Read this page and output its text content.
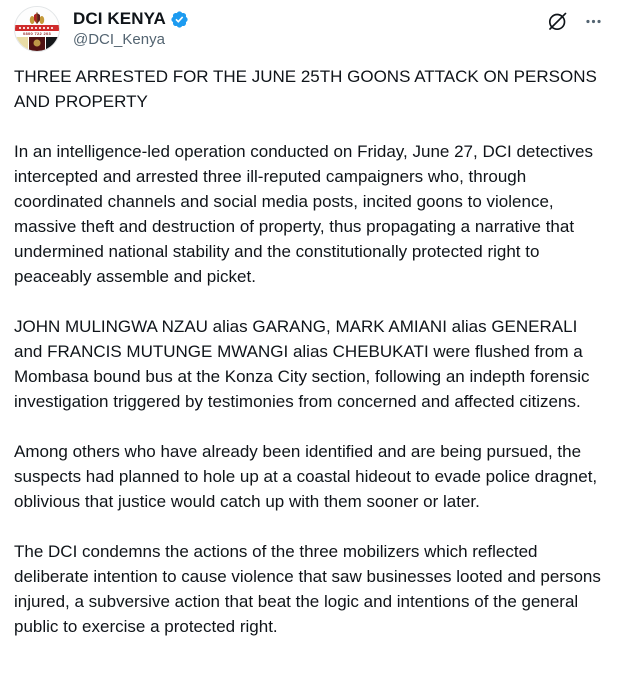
0800 722 203
DCI KENYA
@DCI_Kenya

THREE ARRESTED FOR THE JUNE 25TH GOONS ATTACK ON PERSONS AND PROPERTY

In an intelligence-led operation conducted on Friday, June 27, DCI detectives intercepted and arrested three ill-reputed campaigners who, through coordinated channels and social media posts, incited goons to violence, massive theft and destruction of property, thus propagating a narrative that undermined national stability and the constitutionally protected right to peaceably assemble and picket.

JOHN MULINGWA NZAU alias GARANG, MARK AMIANI alias GENERALI and FRANCIS MUTUNGE MWANGI alias CHEBUKATI were flushed from a Mombasa bound bus at the Konza City section, following an indepth forensic investigation triggered by testimonies from concerned and affected citizens.

Among others who have already been identified and are being pursued, the suspects had planned to hole up at a coastal hideout to evade police dragnet, oblivious that justice would catch up with them sooner or later.

The DCI condemns the actions of the three mobilizers which reflected deliberate intention to cause violence that saw businesses looted and persons injured, a subversive action that beat the logic and intentions of the general public to exercise a protected right.
